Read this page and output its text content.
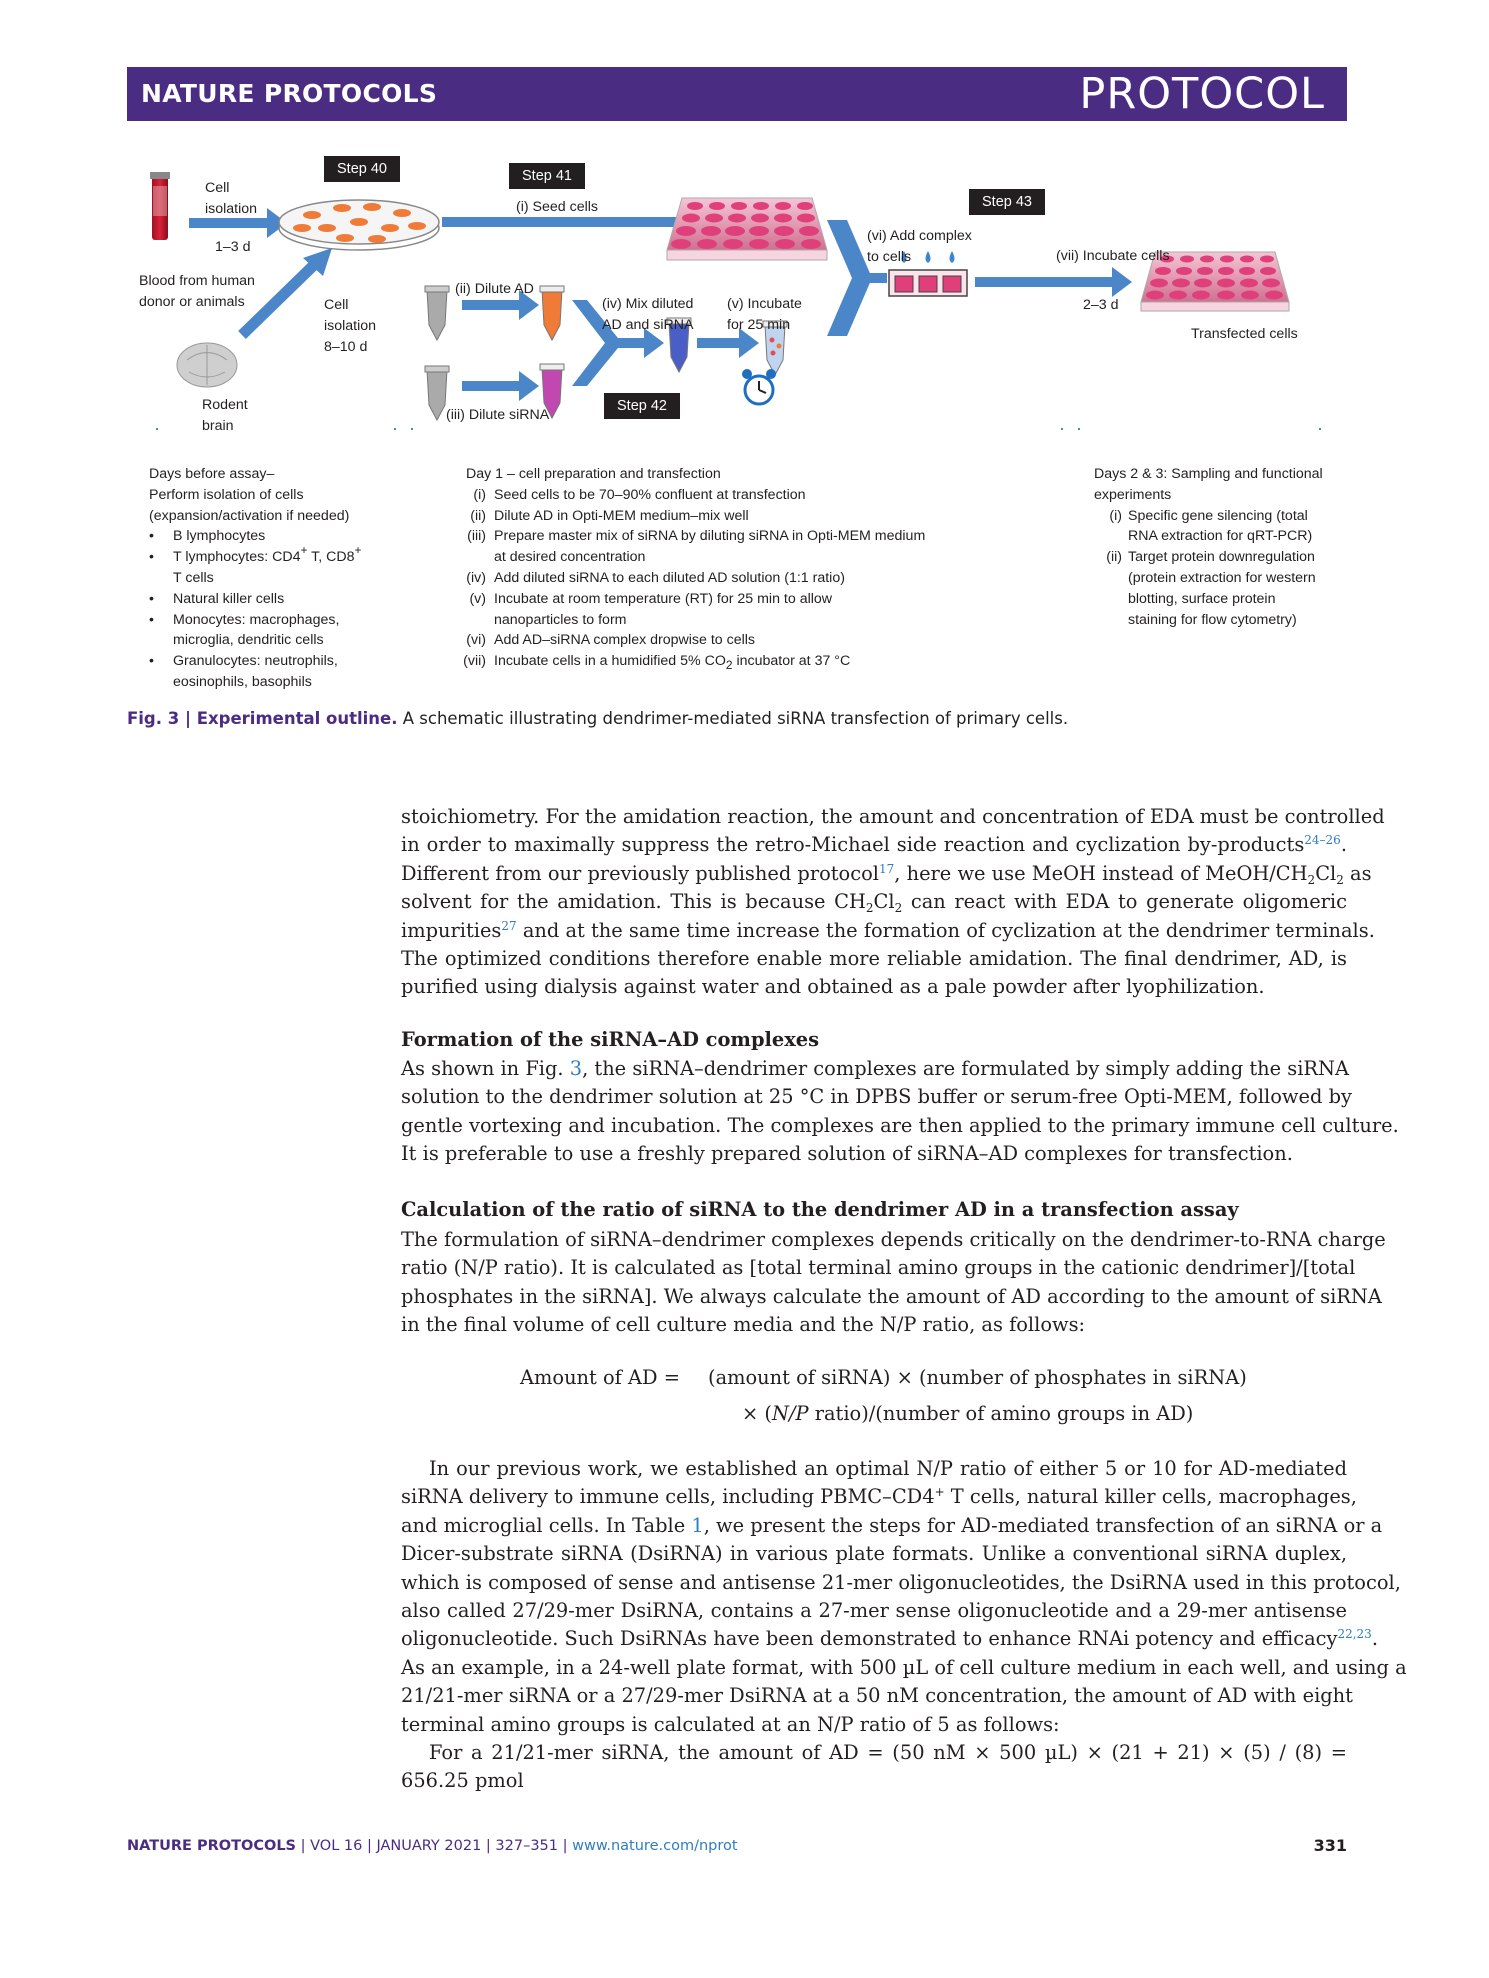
NATURE PROTOCOLS	PROTOCOL
Step 40	Step 41
Step 42
Step 43
Cell
isolation
1–3 d
Blood from human
donor or animals	Cell
isolation
8–10 d
Rodent
brain
(i) Seed cells
(ii) Dilute AD
(iii) Dilute siRNA
(iv) Mix diluted
AD and siRNA
(v) Incubate
for 25 min
(vi) Add complex
to cells	(vii) Incubate cells
2–3 d
Transfected cells
Days before assay–
Perform isolation of cells
(expansion/activation if needed)
• B lymphocytes
• T lymphocytes: CD4+ T, CD8+
T cells
• Natural killer cells
• Monocytes: macrophages,
microglia, dendritic cells
• Granulocytes: neutrophils,
eosinophils, basophils
Day 1 – cell preparation and transfection
(i) Seed cells to be 70–90% confluent at transfection
(ii) Dilute AD in Opti-MEM medium–mix well
(iii) Prepare master mix of siRNA by diluting siRNA in Opti-MEM medium
at desired concentration
(iv) Add diluted siRNA to each diluted AD solution (1:1 ratio)
(v) Incubate at room temperature (RT) for 25 min to allow
nanoparticles to form
(vi) Add AD–siRNA complex dropwise to cells
(vii) Incubate cells in a humidified 5% $CO_2$ incubator at 37 °C
Days 2 & 3: Sampling and functional
experiments
(i) Specific gene silencing (total
RNA extraction for qRT-PCR)
(ii) Target protein downregulation
(protein extraction for western
blotting, surface protein
staining for flow cytometry)
Fig. 3 | Experimental outline. A schematic illustrating dendrimer-mediated siRNA transfection of primary cells.
stoichiometry. For the amidation reaction, the amount and concentration of EDA must be controlled
in order to maximally suppress the retro-Michael side reaction and cyclization by-products$^{24-26}$.
Different from our previously published protocol$^{17}$, here we use MeOH instead of MeOH/$CH_2Cl_2$ as
solvent for the amidation. This is because $CH_2Cl_2$ can react with EDA to generate oligomeric
impurities$^{27}$ and at the same time increase the formation of cyclization at the dendrimer terminals.
The optimized conditions therefore enable more reliable amidation. The final dendrimer, AD, is
purified using dialysis against water and obtained as a pale powder after lyophilization.
Formation of the siRNA–AD complexes
As shown in Fig. 3, the siRNA–dendrimer complexes are formulated by simply adding the siRNA
solution to the dendrimer solution at 25 °C in DPBS buffer or serum-free Opti-MEM, followed by
gentle vortexing and incubation. The complexes are then applied to the primary immune cell culture.
It is preferable to use a freshly prepared solution of siRNA–AD complexes for transfection.
Calculation of the ratio of siRNA to the dendrimer AD in a transfection assay
The formulation of siRNA–dendrimer complexes depends critically on the dendrimer-to-RNA charge
ratio (N/P ratio). It is calculated as [total terminal amino groups in the cationic dendrimer]/[total
phosphates in the siRNA]. We always calculate the amount of AD according to the amount of siRNA
in the final volume of cell culture media and the N/P ratio, as follows:
Amount of AD = (amount of siRNA) × (number of phosphates in siRNA)
× (N/P ratio)/(number of amino groups in AD)
In our previous work, we established an optimal N/P ratio of either 5 or 10 for AD-mediated
siRNA delivery to immune cells, including PBMC–CD4+ T cells, natural killer cells, macrophages,
and microglial cells. In Table 1, we present the steps for AD-mediated transfection of an siRNA or a
Dicer-substrate siRNA (DsiRNA) in various plate formats. Unlike a conventional siRNA duplex,
which is composed of sense and antisense 21-mer oligonucleotides, the DsiRNA used in this protocol,
also called 27/29-mer DsiRNA, contains a 27-mer sense oligonucleotide and a 29-mer antisense
oligonucleotide. Such DsiRNAs have been demonstrated to enhance RNAi potency and efficacy$^{22,23}$.
As an example, in a 24-well plate format, with 500 µL of cell culture medium in each well, and using a
21/21-mer siRNA or a 27/29-mer DsiRNA at a 50 nM concentration, the amount of AD with eight
terminal amino groups is calculated at an N/P ratio of 5 as follows:
For a 21/21-mer siRNA, the amount of AD = (50 nM × 500 µL) × (21 + 21) × (5) / (8) =
656.25 pmol
NATURE PROTOCOLS | VOL 16 | JANUARY 2021 | 327–351 | www.nature.com/nprot	331
